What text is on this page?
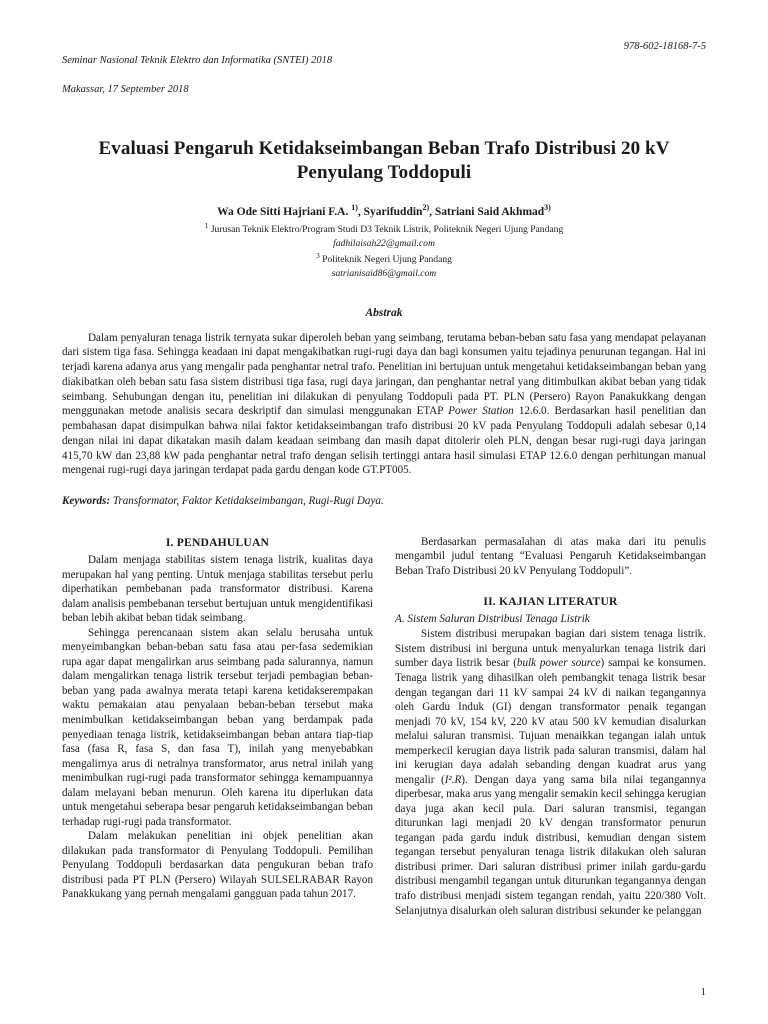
Seminar Nasional Teknik Elektro dan Informatika (SNTEI) 2018

Makassar, 17 September 2018

978-602-18168-7-5
Evaluasi Pengaruh Ketidakseimbangan Beban Trafo Distribusi 20 kV Penyulang Toddopuli
Wa Ode Sitti Hajriani F.A. $^{1)}$, Syarifuddin$^{2)}$, Satriani Said Akhmad$^{3)}$
$^1$ Jurusan Teknik Elektro/Program Studi D3 Teknik Listrik, Politeknik Negeri Ujung Pandang
fadhilaisah22@gmail.com
$^3$ Politeknik Negeri Ujung Pandang
satrianisaid86@gmail.com
Abstrak
Dalam penyaluran tenaga listrik ternyata sukar diperoleh beban yang seimbang, terutama beban-beban satu fasa yang mendapat pelayanan dari sistem tiga fasa. Sehingga keadaan ini dapat mengakibatkan rugi-rugi daya dan bagi konsumen yaitu tejadinya penurunan tegangan. Hal ini terjadi karena adanya arus yang mengalir pada penghantar netral trafo. Penelitian ini bertujuan untuk mengetahui ketidakseimbangan beban yang diakibatkan oleh beban satu fasa sistem distribusi tiga fasa, rugi daya jaringan, dan penghantar netral yang ditimbulkan akibat beban yang tidak seimbang. Sehubungan dengan itu, penelitian ini dilakukan di penyulang Toddopuli pada PT. PLN (Persero) Rayon Panakukkang dengan menggunakan metode analisis secara deskriptif dan simulasi menggunakan ETAP Power Station 12.6.0. Berdasarkan hasil penelitian dan pembahasan dapat disimpulkan bahwa nilai faktor ketidakseimbangan trafo distribusi 20 kV pada Penyulang Toddopuli adalah sebesar 0,14 dengan nilai ini dapat dikatakan masih dalam keadaan seimbang dan masih dapat ditolerir oleh PLN, dengan besar rugi-rugi daya jaringan 415,70 kW dan 23,88 kW pada penghantar netral trafo dengan selisih tertinggi antara hasil simulasi ETAP 12.6.0 dengan perhitungan manual mengenai rugi-rugi daya jaringan terdapat pada gardu dengan kode GT.PT005.
Keywords: Transformator, Faktor Ketidakseimbangan, Rugi-Rugi Daya.
I. PENDAHULUAN

Dalam menjaga stabilitas sistem tenaga listrik, kualitas daya merupakan hal yang penting. Untuk menjaga stabilitas tersebut perlu diperhatikan pembebanan pada transformator distribusi. Karena dalam analisis pembebanan tersebut bertujuan untuk mengidentifikasi beban lebih akibat beban tidak seimbang.

Sehingga perencanaan sistem akan selalu berusaha untuk menyeimbangkan beban-beban satu fasa atau per-fasa sedemikian rupa agar dapat mengalirkan arus seimbang pada salurannya, namun dalam mengalirkan tenaga listrik tersebut terjadi pembagian beban-beban yang pada awalnya merata tetapi karena ketidakserempakan waktu pemakaian atau penyalaan beban-beban tersebut maka menimbulkan ketidakseimbangan beban yang berdampak pada penyediaan tenaga listrik, ketidakseimbangan beban antara tiap-tiap fasa (fasa R, fasa S, dan fasa T), inilah yang menyebabkan mengalirnya arus di netralnya transformator, arus netral inilah yang menimbulkan rugi-rugi pada transformator sehingga kemampuannya dalam melayani beban menurun. Oleh karena itu diperlukan data untuk mengetahui seberapa besar pengaruh ketidakseimbangan beban terhadap rugi-rugi pada transformator.

Dalam melakukan penelitian ini objek penelitian akan dilakukan pada transformator di Penyulang Toddopuli. Pemilihan Penyulang Toddopuli berdasarkan data pengukuran beban trafo distribusi pada PT PLN (Persero) Wilayah SULSELRABAR Rayon Panakkukang yang pernah mengalami gangguan pada tahun 2017.

Berdasarkan permasalahan di atas maka dari itu penulis mengambil judul tentang “Evaluasi Pengaruh Ketidakseimbangan Beban Trafo Distribusi 20 kV Penyulang Toddopuli”.

II. KAJIAN LITERATUR
A. Sistem Saluran Distribusi Tenaga Listrik

Sistem distribusi merupakan bagian dari sistem tenaga listrik. Sistem distribusi ini berguna untuk menyalurkan tenaga listrik dari sumber daya listrik besar (bulk power source) sampai ke konsumen. Tenaga listrik yang dihasilkan oleh pembangkit tenaga listrik besar dengan tegangan dari 11 kV sampai 24 kV di naikan tegangannya oleh Gardu Induk (GI) dengan transformator penaik tegangan menjadi 70 kV, 154 kV, 220 kV atau 500 kV kemudian disalurkan melalui saluran transmisi. Tujuan menaikkan tegangan ialah untuk memperkecil kerugian daya listrik pada saluran transmisi, dalam hal ini kerugian daya adalah sebanding dengan kuadrat arus yang mengalir (I².R). Dengan daya yang sama bila nilai tegangannya diperbesar, maka arus yang mengalir semakin kecil sehingga kerugian daya juga akan kecil pula. Dari saluran transmisi, tegangan diturunkan lagi menjadi 20 kV dengan transformator penurun tegangan pada gardu induk distribusi, kemudian dengan sistem tegangan tersebut penyaluran tenaga listrik dilakukan oleh saluran distribusi primer. Dari saluran distribusi primer inilah gardu-gardu distribusi mengambil tegangan untuk diturunkan tegangannya dengan trafo distribusi menjadi sistem tegangan rendah, yaitu 220/380 Volt. Selanjutnya disalurkan oleh saluran distribusi sekunder ke pelanggan

1
